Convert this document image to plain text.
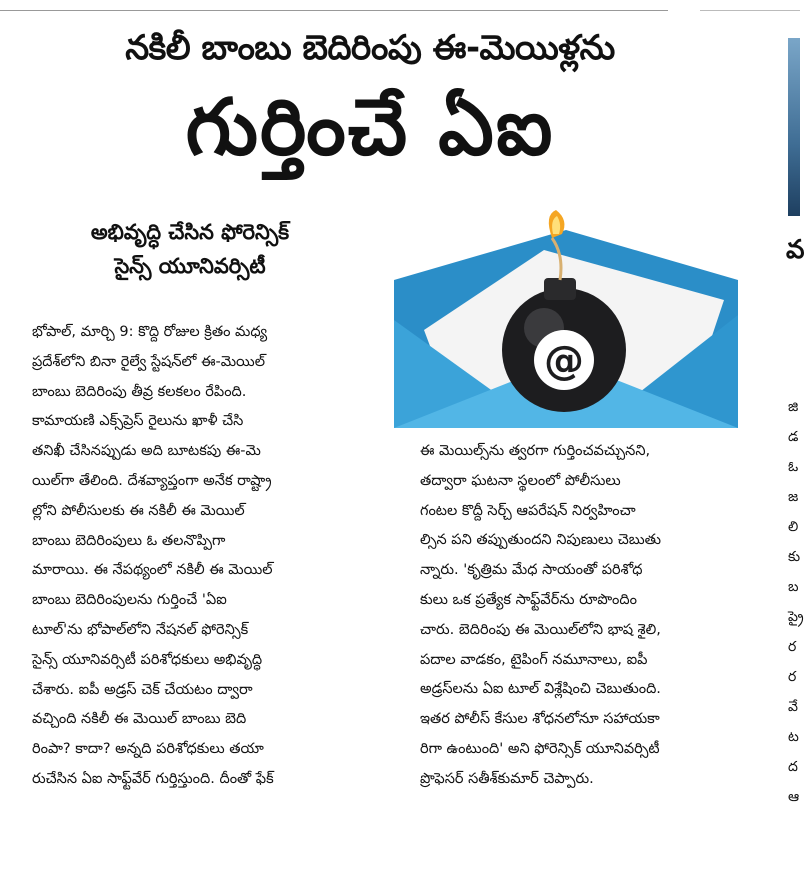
నకిలీ బాంబు బెదిరింపు ఈ-మెయిళ్లను
గుర్తించే ఏఐ
అభివృద్ధి చేసిన ఫోరెన్సిక్
సైన్స్ యూనివర్సిటీ
@
భోపాల్, మార్చి 9: కొద్ది రోజుల క్రితం మధ్య
ప్రదేశ్‌లోని బినా రైల్వే స్టేషన్‌లో ఈ-మెయిల్
బాంబు బెదిరింపు తీవ్ర కలకలం రేపింది.
కామాయణి ఎక్స్‌ప్రెస్ రైలును ఖాళీ చేసి
తనిఖీ చేసినప్పుడు అది బూటకపు ఈ-మె
యిల్‌గా తేలింది. దేశవ్యాప్తంగా అనేక రాష్ట్రా
ల్లోని పోలీసులకు ఈ నకిలీ ఈ మెయిల్
బాంబు బెదిరింపులు ఓ తలనొప్పిగా
మారాయి. ఈ నేపథ్యంలో నకిలీ ఈ మెయిల్
బాంబు బెదిరింపులను గుర్తించే 'ఏఐ
టూల్'ను భోపాల్‌లోని నేషనల్ ఫోరెన్సిక్
సైన్స్ యూనివర్సిటీ పరిశోధకులు అభివృద్ధి
చేశారు. ఐపీ అడ్రస్ చెక్ చేయటం ద్వారా
వచ్చింది నకిలీ ఈ మెయిల్ బాంబు బెది
రింపా? కాదా? అన్నది పరిశోధకులు తయా
రుచేసిన ఏఐ సాఫ్ట్‌వేర్ గుర్తిస్తుంది. దీంతో ఫేక్
ఈ మెయిల్స్‌ను త్వరగా గుర్తించవచ్చునని,
తద్వారా ఘటనా స్థలంలో పోలీసులు
గంటల కొద్దీ సెర్చ్ ఆపరేషన్ నిర్వహించా
ల్సిన పని తప్పుతుందని నిపుణులు చెబుతు
న్నారు. 'కృత్రిమ మేధ సాయంతో పరిశోధ
కులు ఒక ప్రత్యేక సాఫ్ట్‌వేర్‌ను రూపొందిం
చారు. బెదిరింపు ఈ మెయిల్‌లోని భాష శైలి,
పదాల వాడకం, టైపింగ్ నమూనాలు, ఐపీ
అడ్రస్‌లను ఏఐ టూల్ విశ్లేషించి చెబుతుంది.
ఇతర పోలీస్ కేసుల శోధనలోనూ సహాయకా
రిగా ఉంటుంది' అని ఫోరెన్సిక్ యూనివర్సిటీ
ప్రొఫెసర్ సతీశ్‌కుమార్ చెప్పారు.
వ
జి
డ
ఓ
జ
లి
కు
బ
ప్రై
ర
ర
వే
ట
ద
ఆ
